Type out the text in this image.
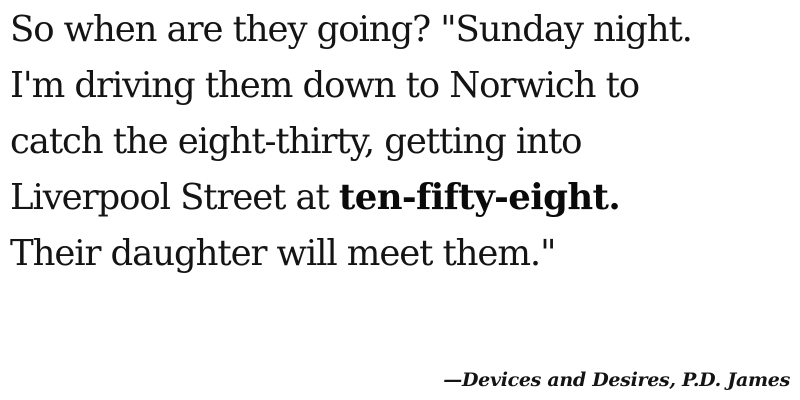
So when are they going? "Sunday night.
I'm driving them down to Norwich to
catch the eight-thirty, getting into
Liverpool Street at ten-fifty-eight.
Their daughter will meet them."
—Devices and Desires, P.D. James
